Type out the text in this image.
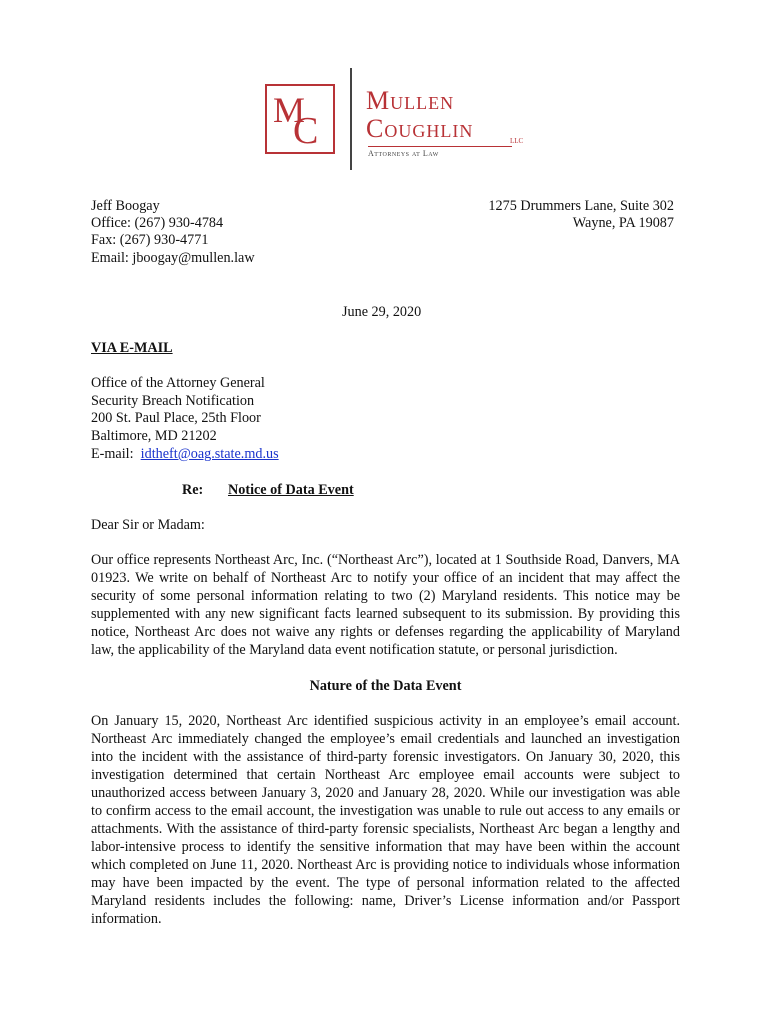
M
C
Mullen
Coughlin	LLC
Attorneys at Law
Jeff Boogay
Office: (267) 930-4784
Fax: (267) 930-4771
Email: jboogay@mullen.law
1275 Drummers Lane, Suite 302
Wayne, PA 19087
June 29, 2020
VIA E-MAIL
Office of the Attorney General
Security Breach Notification
200 St. Paul Place, 25th Floor
Baltimore, MD 21202
E-mail: idtheft@oag.state.md.us
Re: Notice of Data Event
Dear Sir or Madam:
Our office represents Northeast Arc, Inc. (“Northeast Arc”), located at 1 Southside Road, Danvers, MA 01923. We write on behalf of Northeast Arc to notify your office of an incident that may affect the security of some personal information relating to two (2) Maryland residents. This notice may be supplemented with any new significant facts learned subsequent to its submission. By providing this notice, Northeast Arc does not waive any rights or defenses regarding the applicability of Maryland law, the applicability of the Maryland data event notification statute, or personal jurisdiction.
Nature of the Data Event
On January 15, 2020, Northeast Arc identified suspicious activity in an employee’s email account. Northeast Arc immediately changed the employee’s email credentials and launched an investigation into the incident with the assistance of third-party forensic investigators. On January 30, 2020, this investigation determined that certain Northeast Arc employee email accounts were subject to unauthorized access between January 3, 2020 and January 28, 2020. While our investigation was able to confirm access to the email account, the investigation was unable to rule out access to any emails or attachments. With the assistance of third-party forensic specialists, Northeast Arc began a lengthy and labor-intensive process to identify the sensitive information that may have been within the account which completed on June 11, 2020. Northeast Arc is providing notice to individuals whose information may have been impacted by the event. The type of personal information related to the affected Maryland residents includes the following: name, Driver’s License information and/or Passport information.
